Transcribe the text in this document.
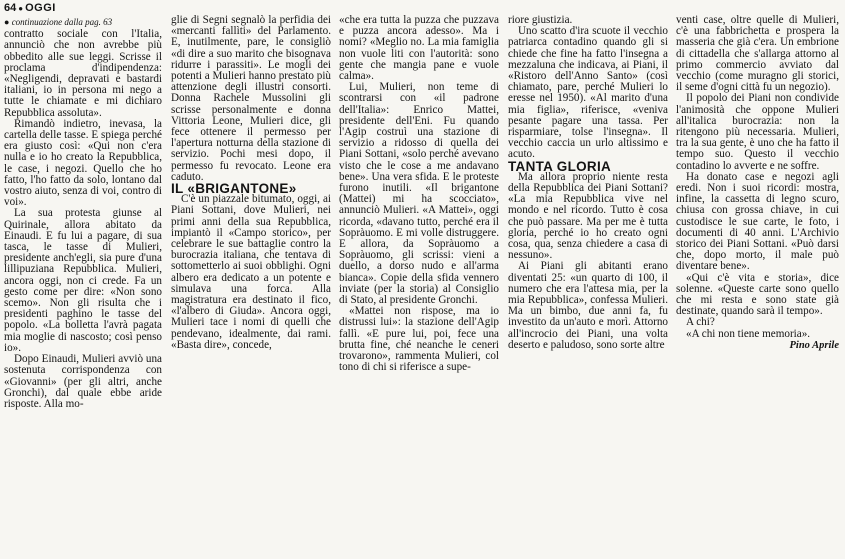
64 ● OGGI
● continuazione dalla pag. 63

contratto sociale con l'Italia, annunciò che non avrebbe più obbedito alle sue leggi. Scrisse il proclama d'indipendenza: «Negligendi, depravati e bastardi italiani, io in persona mi nego a tutte le chiamate e mi dichiaro Repubblica assoluta».

Rimandò indietro, inevasa, la cartella delle tasse. E spiega perché era giusto così: «Qui non c'era nulla e io ho creato la Repubblica, le case, i negozi. Quello che ho fatto, l'ho fatto da solo, lontano dal vostro aiuto, senza di voi, contro di voi».

La sua protesta giunse al Quirinale, allora abitato da Einaudi. E fu lui a pagare, di sua tasca, le tasse di Mulieri, presidente anch'egli, sia pure d'una lillipuziana Repubblica. Mulieri, ancora oggi, non ci crede. Fa un gesto come per dire: «Non sono scemo». Non gli risulta che i presidenti paghino le tasse del popolo. «La bolletta l'avrà pagata mia moglie di nascosto; così penso io».

Dopo Einaudi, Mulieri avviò una sostenuta corrispondenza con «Giovanni» (per gli altri, anche Gronchi), dal quale ebbe aride risposte. Alla mo-

glie di Segni segnalò la perfidia dei «mercanti fallìti» del Parlamento. E, inutilmente, pare, le consigliò «di dire a suo marito che bisognava ridurre i parassiti». Le mogli dei potenti a Mulieri hanno prestato più attenzione degli illustri consorti. Donna Rachele Mussolini gli scrisse personalmente e donna Vittoria Leone, Mulieri dice, gli fece ottenere il permesso per l'apertura notturna della stazione di servizio. Pochi mesi dopo, il permesso fu revocato. Leone era caduto.

IL «BRIGANTONE»

C'è un piazzale bitumato, oggi, ai Piani Sottani, dove Mulieri, nei primi anni della sua Repubblica, impiantò il «Campo storico», per celebrare le sue battaglie contro la burocrazia italiana, che tentava di sottometterlo ai suoi obblighi. Ogni albero era dedicato a un potente e simulava una forca. Alla magistratura era destinato il fico, «l'albero di Giuda». Ancora oggi, Mulieri tace i nomi di quelli che pendevano, idealmente, dai rami. «Basta dire», concede,

«che era tutta la puzza che puzzava e puzza ancora adesso». Ma i nomi? «Meglio no. La mia famiglia non vuole liti con l'autorità: sono gente che mangia pane e vuole calma».

Lui, Mulieri, non teme di scontrarsi con «il padrone dell'Italia»: Enrico Mattei, presidente dell'Eni. Fu quando l'Agip costruì una stazione di servizio a ridosso di quella dei Piani Sottani, «solo perché avevano visto che le cose a me andavano bene». Una vera sfida. E le proteste furono inutili. «Il brigantone (Mattei) mi ha scocciato», annunciò Mulieri. «A Mattei», oggi ricorda, «davano tutto, perché era il Sopràuomo. E mi volle distruggere. E allora, da Sopràuomo a Sopràuomo, gli scrissi: vieni a duello, a dorso nudo e all'arma bianca». Copie della sfida vennero inviate (per la storia) al Consiglio di Stato, al presidente Gronchi.

«Mattei non rispose, ma io distrussi lui»: la stazione dell'Agip fallì. «E pure lui, poi, fece una brutta fine, ché neanche le ceneri trovarono», rammenta Mulieri, col tono di chi si riferisce a supe-

riore giustizia.

Uno scatto d'ira scuote il vecchio patriarca contadino quando gli si chiede che fine ha fatto l'insegna a mezzaluna che indicava, ai Piani, il «Ristoro dell'Anno Santo» (così chiamato, pare, perché Mulieri lo eresse nel 1950). «Al marito d'una mia figlia», riferisce, «veniva pesante pagare una tassa. Per risparmiare, tolse l'insegna». Il vecchio caccia un urlo altissimo e acuto.

TANTA GLORIA

Ma allora proprio niente resta della Repubblica dei Piani Sottani? «La mia Repubblica vive nel mondo e nel ricordo. Tutto è cosa che può passare. Ma per me è tutta gloria, perché io ho creato ogni cosa, qua, senza chiedere a casa di nessuno».

Ai Piani gli abitanti erano diventati 25: «un quarto di 100, il numero che era l'attesa mia, per la mia Repubblica», confessa Mulieri. Ma un bimbo, due anni fa, fu investito da un'auto e morì. Attorno all'incrocio dei Piani, una volta deserto e paludoso, sono sorte altre

venti case, oltre quelle di Mulieri, c'è una fabbrichetta e prospera la masseria che già c'era. Un embrione di cittadella che s'allarga attorno al primo commercio avviato dal vecchio (come muragno gli storici, il seme d'ogni città fu un negozio).

Il popolo dei Piani non condivide l'animosità che oppone Mulieri all'italica burocrazia: non la ritengono più necessaria. Mulieri, tra la sua gente, è uno che ha fatto il tempo suo. Questo il vecchio contadino lo avverte e ne soffre.

Ha donato case e negozi agli eredi. Non i suoi ricordi: mostra, infine, la cassetta di legno scuro, chiusa con grossa chiave, in cui custodisce le sue carte, le foto, i documenti di 40 anni. L'Archivio storico dei Piani Sottani. «Può darsi che, dopo morto, il male può diventare bene».

«Qui c'è vita e storia», dice solenne. «Queste carte sono quello che mi resta e sono state già destinate, quando sarà il tempo».

A chi?

«A chi non tiene memoria».

Pino Aprile
